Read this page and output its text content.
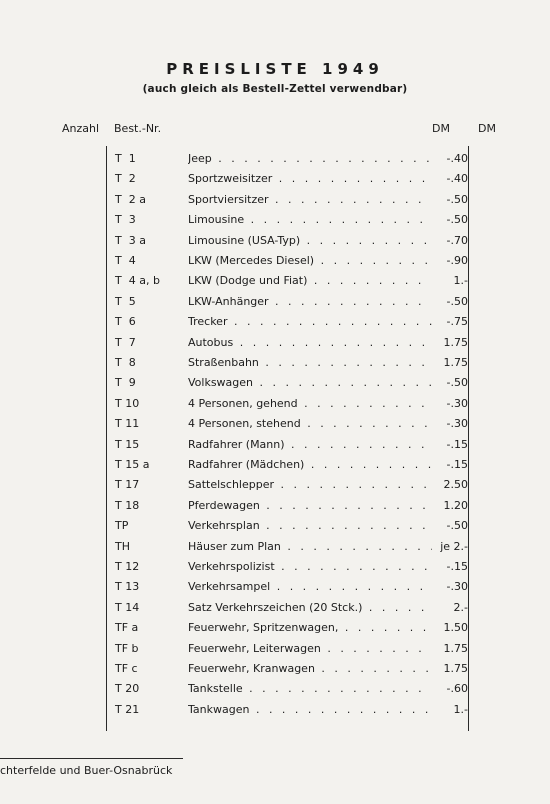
PREISLISTE 1949
(auch gleich als Bestell-Zettel verwendbar)
Anzahl Best.-Nr.	DM	DM
T  1	Jeep . . .	-.40
T  2	Sportzweisitzer . . .	-.40
T  2 a	Sportviersitzer . . .	-.50
T  3	Limousine . . .	-.50
T  3 a	Limousine (USA-Typ) . . .	-.70
T  4	LKW (Mercedes Diesel) . . .	-.90
T  4 a, b	LKW (Dodge und Fiat) . . .	1.-
T  5	LKW-Anhänger . . .	-.50
T  6	Trecker . . .	-.75
T  7	Autobus . . .	1.75
T  8	Straßenbahn . . .	1.75
T  9	Volkswagen . . .	-.50
T 10	4 Personen, gehend . . .	-.30
T 11	4 Personen, stehend . . .	-.30
T 15	Radfahrer (Mann) . . .	-.15
T 15 a	Radfahrer (Mädchen) . . .	-.15
T 17	Sattelschlepper . . .	2.50
T 18	Pferdewagen . . .	1.20
TP	Verkehrsplan . . .	-.50
TH	Häuser zum Plan . . .	je 2.-
T 12	Verkehrspolizist . . .	-.15
T 13	Verkehrsampel . . .	-.30
T 14	Satz Verkehrszeichen (20 Stck.) . . .	2.-
TF a	Feuerwehr, Spritzenwagen, . . .	1.50
TF b	Feuerwehr, Leiterwagen . . .	1.75
TF c	Feuerwehr, Kranwagen . . .	1.75
T 20	Tankstelle . . .	-.60
T 21	Tankwagen . . .	1.-
chterfelde und Buer-Osnabrück
